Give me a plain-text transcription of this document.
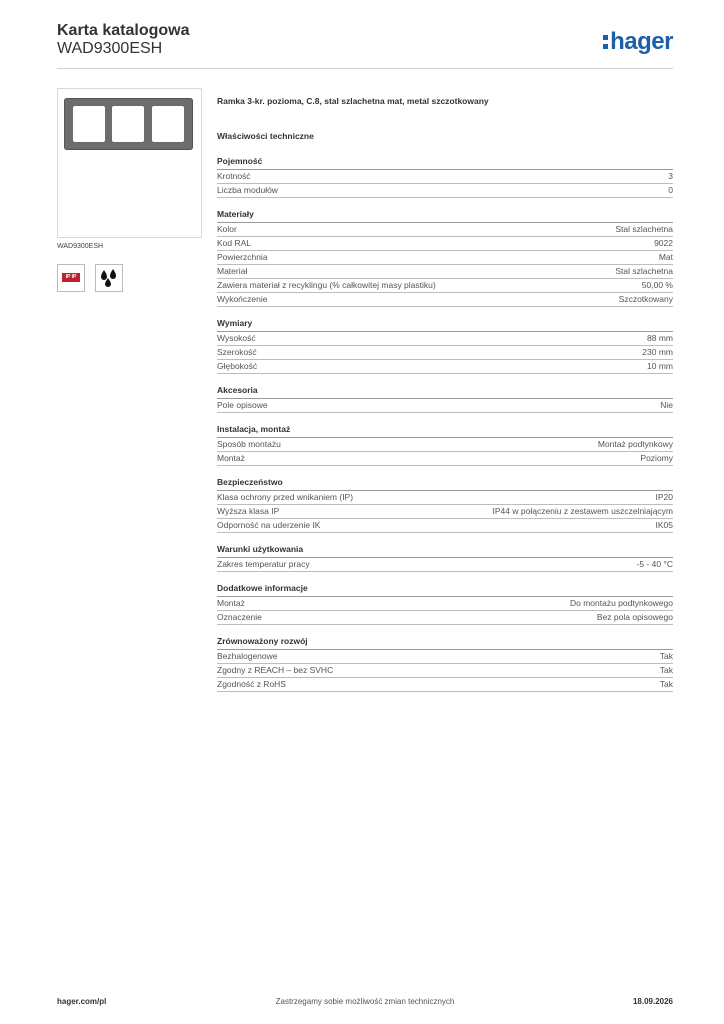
Karta katalogowa
WAD9300ESH	hager
WAD9300ESH
IP IP
Ramka 3-kr. pozioma, C.8, stal szlachetna mat, metal szczotkowany
Właściwości techniczne
Pojemność
Krotność	3
Liczba modułów	0
Materiały
Kolor	Stal szlachetna
Kod RAL	9022
Powierzchnia	Mat
Materiał	Stal szlachetna
Zawiera materiał z recyklingu (% całkowitej masy plastiku)	50,00 %
Wykończenie	Szczotkowany
Wymiary
Wysokość	88 mm
Szerokość	230 mm
Głębokość	10 mm
Akcesoria
Pole opisowe	Nie
Instalacja, montaż
Sposób montażu	Montaż podtynkowy
Montaż	Poziomy
Bezpieczeństwo
Klasa ochrony przed wnikaniem (IP)	IP20
Wyższa klasa IP	IP44 w połączeniu z zestawem uszczelniającym
Odporność na uderzenie IK	IK05
Warunki użytkowania
Zakres temperatur pracy	-5 - 40 °C
Dodatkowe informacje
Montaż	Do montażu podtynkowego
Oznaczenie	Bez pola opisowego
Zrównoważony rozwój
Bezhalogenowe	Tak
Zgodny z REACH – bez SVHC	Tak
Zgodność z RoHS	Tak
hager.com/pl	Zastrzegamy sobie możliwość zmian technicznych	18.09.2026
